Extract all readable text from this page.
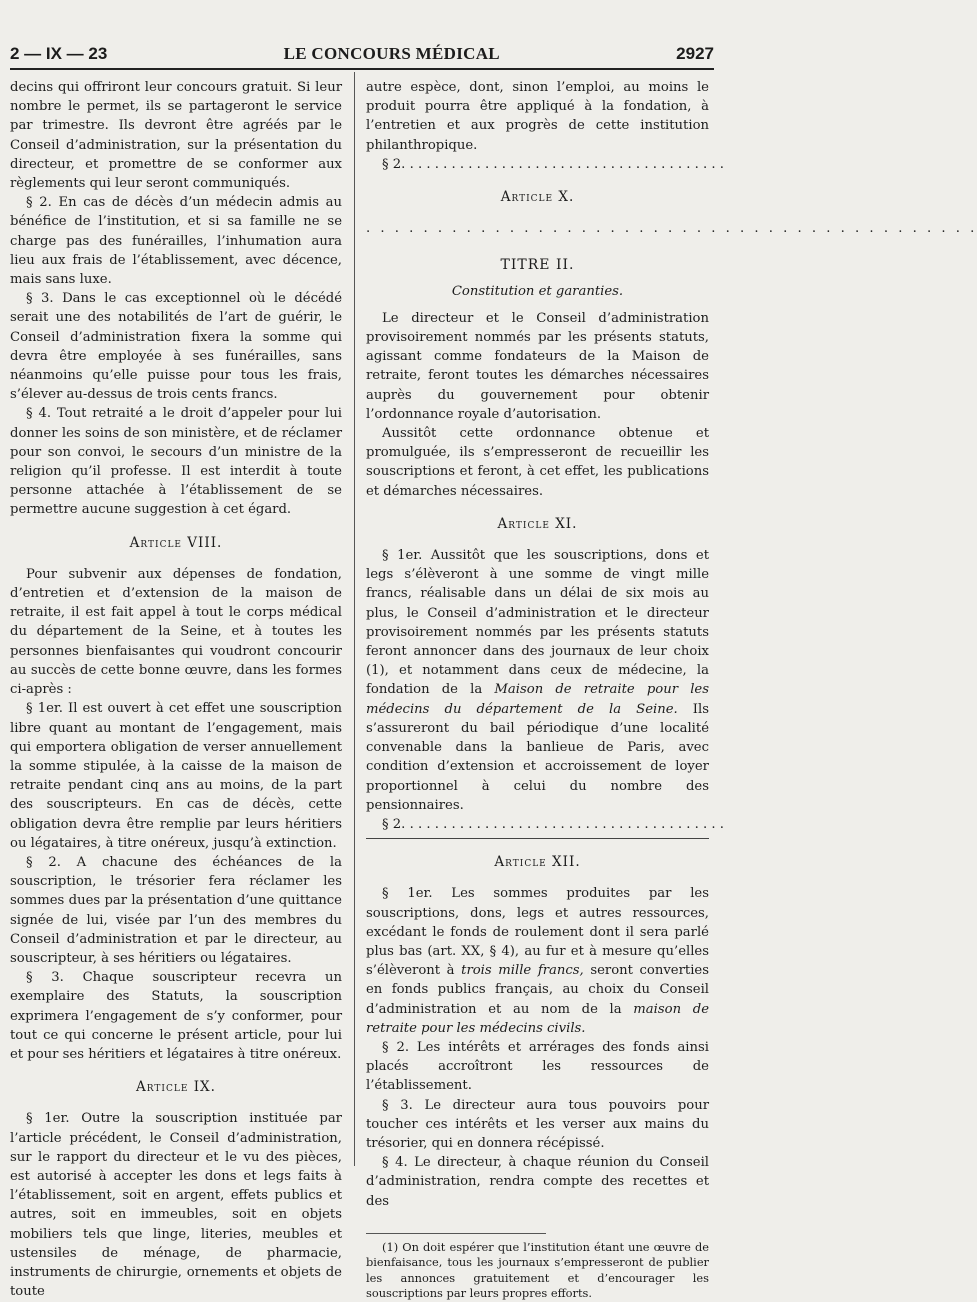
2 — IX — 23	LE CONCOURS MÉDICAL	2927

decins qui offriront leur concours gratuit. Si leur nombre le permet, ils se partageront le service par trimestre. Ils devront être agréés par le Conseil d’administration, sur la présentation du directeur, et promettre de se conformer aux règlements qui leur seront communiqués.

§ 2. En cas de décès d’un médecin admis au bénéfice de l’institution, et si sa famille ne se charge pas des funérailles, l’inhumation aura lieu aux frais de l’établissement, avec décence, mais sans luxe.

§ 3. Dans le cas exceptionnel où le décédé serait une des notabilités de l’art de guérir, le Conseil d’administration fixera la somme qui devra être employée à ses funérailles, sans néanmoins qu’elle puisse pour tous les frais, s’élever au-dessus de trois cents francs.

§ 4. Tout retraité a le droit d’appeler pour lui donner les soins de son ministère, et de réclamer pour son convoi, le secours d’un ministre de la religion qu’il professe. Il est interdit à toute personne attachée à l’établissement de se permettre aucune suggestion à cet égard.

Article VIII.

Pour subvenir aux dépenses de fondation, d’entretien et d’extension de la maison de retraite, il est fait appel à tout le corps médical du département de la Seine, et à toutes les personnes bienfaisantes qui voudront concourir au succès de cette bonne œuvre, dans les formes ci-après :

§ 1er. Il est ouvert à cet effet une souscription libre quant au montant de l’engagement, mais qui emportera obligation de verser annuellement la somme stipulée, à la caisse de la maison de retraite pendant cinq ans au moins, de la part des souscripteurs. En cas de décès, cette obligation devra être remplie par leurs héritiers ou légataires, à titre onéreux, jusqu’à extinction.

§ 2. A chacune des échéances de la souscription, le trésorier fera réclamer les sommes dues par la présentation d’une quittance signée de lui, visée par l’un des membres du Conseil d’administration et par le directeur, au souscripteur, à ses héritiers ou légataires.

§ 3. Chaque souscripteur recevra un exemplaire des Statuts, la souscription exprimera l’engagement de s’y conformer, pour tout ce qui concerne le présent article, pour lui et pour ses héritiers et légataires à titre onéreux.

Article IX.

§ 1er. Outre la souscription instituée par l’article précédent, le Conseil d’administration, sur le rapport du directeur et le vu des pièces, est autorisé à accepter les dons et legs faits à l’établissement, soit en argent, effets publics et autres, soit en immeubles, soit en objets mobiliers tels que linge, literies, meubles et ustensiles de ménage, de pharmacie, instruments de chirurgie, ornements et objets de toute

autre espèce, dont, sinon l’emploi, au moins le produit pourra être appliqué à la fondation, à l’entretien et aux progrès de cette institution philanthropique.

§ 2. . . . . . . . . . . . . . . . . . . . . . . . . . . . . . . . . . . . . . .

Article X.
. . . . . . . . . . . . . . . . . . . . . . . . . . . . . . . . . . . . . . . . . . .
TITRE II.
Constitution et garanties.

Le directeur et le Conseil d’administration provisoirement nommés par les présents statuts, agissant comme fondateurs de la Maison de retraite, feront toutes les démarches nécessaires auprès du gouvernement pour obtenir l’ordonnance royale d’autorisation.

Aussitôt cette ordonnance obtenue et promulguée, ils s’empresseront de recueillir les souscriptions et feront, à cet effet, les publications et démarches nécessaires.

Article XI.

§ 1er. Aussitôt que les souscriptions, dons et legs s’élèveront à une somme de vingt mille francs, réalisable dans un délai de six mois au plus, le Conseil d’administration et le directeur provisoirement nommés par les présents statuts feront annoncer dans des journaux de leur choix (1), et notamment dans ceux de médecine, la fondation de la Maison de retraite pour les médecins du département de la Seine. Ils s’assureront du bail périodique d’une localité convenable dans la banlieue de Paris, avec condition d’extension et accroissement de loyer proportionnel à celui du nombre des pensionnaires.

§ 2. . . . . . . . . . . . . . . . . . . . . . . . . . . . . . . . . . . . . . .

Article XII.

§ 1er. Les sommes produites par les souscriptions, dons, legs et autres ressources, excédant le fonds de roulement dont il sera parlé plus bas (art. XX, § 4), au fur et à mesure qu’elles s’élèveront à trois mille francs, seront converties en fonds publics français, au choix du Conseil d’administration et au nom de la maison de retraite pour les médecins civils.

§ 2. Les intérêts et arrérages des fonds ainsi placés accroîtront les ressources de l’établissement.

§ 3. Le directeur aura tous pouvoirs pour toucher ces intérêts et les verser aux mains du trésorier, qui en donnera récépissé.

§ 4. Le directeur, à chaque réunion du Conseil d’administration, rendra compte des recettes et des

(1) On doit espérer que l’institution étant une œuvre de bienfaisance, tous les journaux s’empresseront de publier les annonces gratuitement et d’encourager les souscriptions par leurs propres efforts.
